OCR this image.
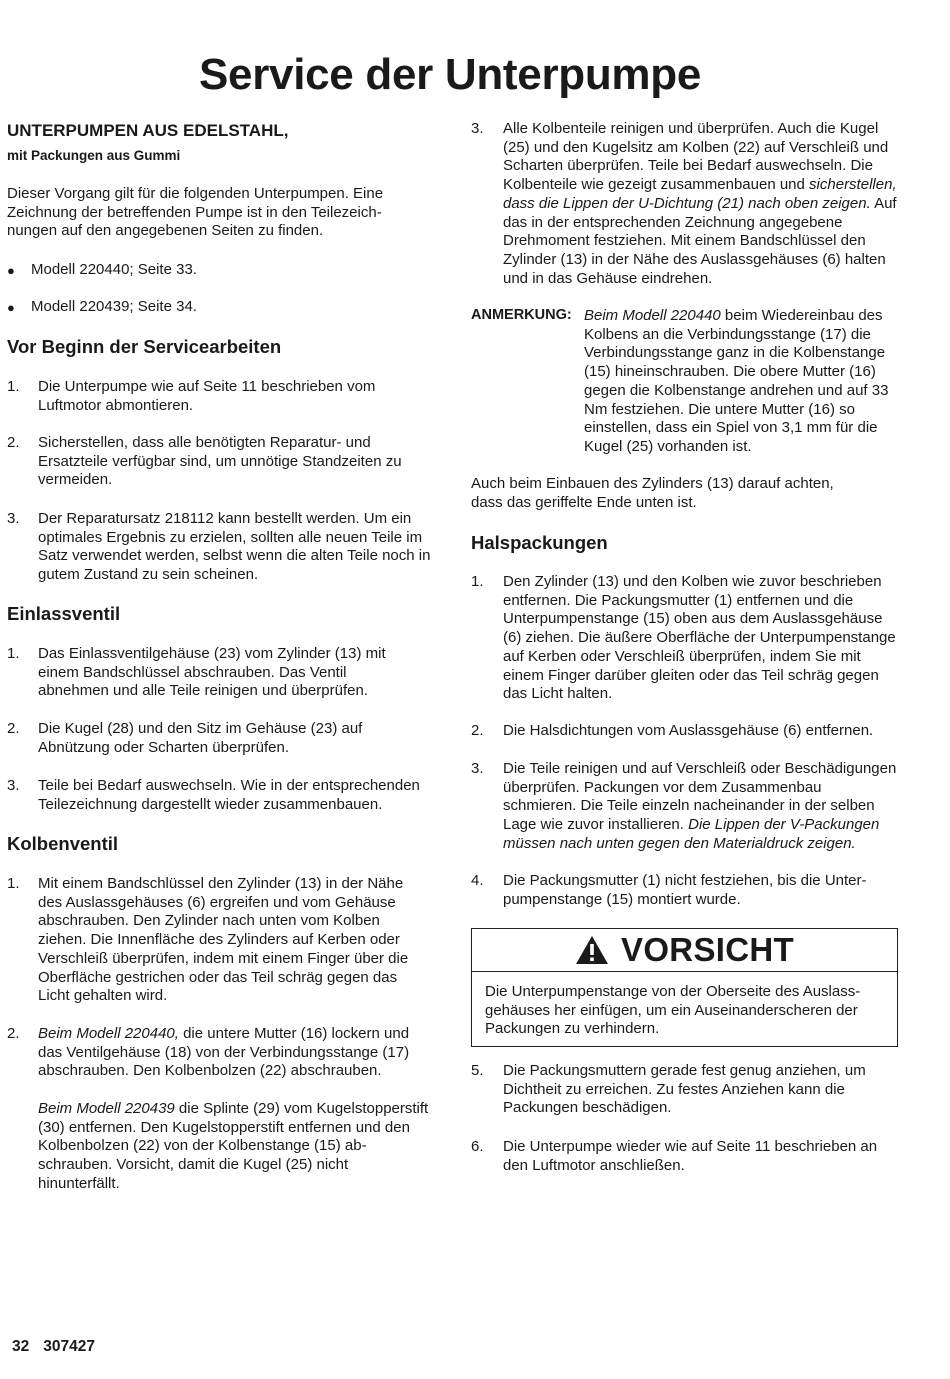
Service der Unterpumpe
UNTERPUMPEN AUS EDELSTAHL,
mit Packungen aus Gummi
Dieser Vorgang gilt für die folgenden Unterpumpen. Eine Zeichnung der betreffenden Pumpe ist in den Teilezeichnungen auf den angegebenen Seiten zu finden.
● Modell 220440; Seite 33.
● Modell 220439; Seite 34.
Vor Beginn der Servicearbeiten
1. Die Unterpumpe wie auf Seite 11 beschrieben vom Luftmotor abmontieren.
2. Sicherstellen, dass alle benötigten Reparatur- und Ersatzteile verfügbar sind, um unnötige Standzeiten zu vermeiden.
3. Der Reparatursatz 218112 kann bestellt werden. Um ein optimales Ergebnis zu erzielen, sollten alle neuen Teile im Satz verwendet werden, selbst wenn die alten Teile noch in gutem Zustand zu sein scheinen.
Einlassventil
1. Das Einlassventilgehäuse (23) vom Zylinder (13) mit einem Bandschlüssel abschrauben. Das Ventil abnehmen und alle Teile reinigen und überprüfen.
2. Die Kugel (28) und den Sitz im Gehäuse (23) auf Abnützung oder Scharten überprüfen.
3. Teile bei Bedarf auswechseln. Wie in der entsprechenden Teilezeichnung dargestellt wieder zusammenbauen.
Kolbenventil
1. Mit einem Bandschlüssel den Zylinder (13) in der Nähe des Auslassgehäuses (6) ergreifen und vom Gehäuse abschrauben. Den Zylinder nach unten vom Kolben ziehen. Die Innenfläche des Zylinders auf Kerben oder Verschleiß überprüfen, indem mit einem Finger über die Oberfläche gestrichen oder das Teil schräg gegen das Licht gehalten wird.
2. Beim Modell 220440, die untere Mutter (16) lockern und das Ventilgehäuse (18) von der Verbindungsstange (17) abschrauben. Den Kolbenbolzen (22) abschrauben.
Beim Modell 220439 die Splinte (29) vom Kugelstopperstift (30) entfernen. Den Kugelstopperstift entfernen und den Kolbenbolzen (22) von der Kolbenstange (15) abschrauben. Vorsicht, damit die Kugel (25) nicht hinunterfällt.
3. Alle Kolbenteile reinigen und überprüfen. Auch die Kugel (25) und den Kugelsitz am Kolben (22) auf Verschleiß und Scharten überprüfen. Teile bei Bedarf auswechseln. Die Kolbenteile wie gezeigt zusammenbauen und sicherstellen, dass die Lippen der U-Dichtung (21) nach oben zeigen. Auf das in der entsprechenden Zeichnung angegebene Drehmoment festziehen. Mit einem Bandschlüssel den Zylinder (13) in der Nähe des Auslassgehäuses (6) halten und in das Gehäuse eindrehen.
ANMERKUNG: Beim Modell 220440 beim Wiedereinbau des Kolbens an die Verbindungsstange (17) die Verbindungsstange ganz in die Kolbenstange (15) hineinschrauben. Die obere Mutter (16) gegen die Kolbenstange andrehen und auf 33 Nm festziehen. Die untere Mutter (16) so einstellen, dass ein Spiel von 3,1 mm für die Kugel (25) vorhanden ist.
Auch beim Einbauen des Zylinders (13) darauf achten, dass das geriffelte Ende unten ist.
Halspackungen
1. Den Zylinder (13) und den Kolben wie zuvor beschrieben entfernen. Die Packungsmutter (1) entfernen und die Unterpumpenstange (15) oben aus dem Auslassgehäuse (6) ziehen. Die äußere Oberfläche der Unterpumpenstange auf Kerben oder Verschleiß überprüfen, indem Sie mit einem Finger darüber gleiten oder das Teil schräg gegen das Licht halten.
2. Die Halsdichtungen vom Auslassgehäuse (6) entfernen.
3. Die Teile reinigen und auf Verschleiß oder Beschädigungen überprüfen. Packungen vor dem Zusammenbau schmieren. Die Teile einzeln nacheinander in der selben Lage wie zuvor installieren. Die Lippen der V-Packungen müssen nach unten gegen den Materialdruck zeigen.
4. Die Packungsmutter (1) nicht festziehen, bis die Unterpumpenstange (15) montiert wurde.
5. Die Packungsmuttern gerade fest genug anziehen, um Dichtheit zu erreichen. Zu festes Anziehen kann die Packungen beschädigen.
6. Die Unterpumpe wieder wie auf Seite 11 beschrieben an den Luftmotor anschließen.
VORSICHT
Die Unterpumpenstange von der Oberseite des Auslassgehäuses her einfügen, um ein Auseinanderscheren der Packungen zu verhindern.
32 307427
